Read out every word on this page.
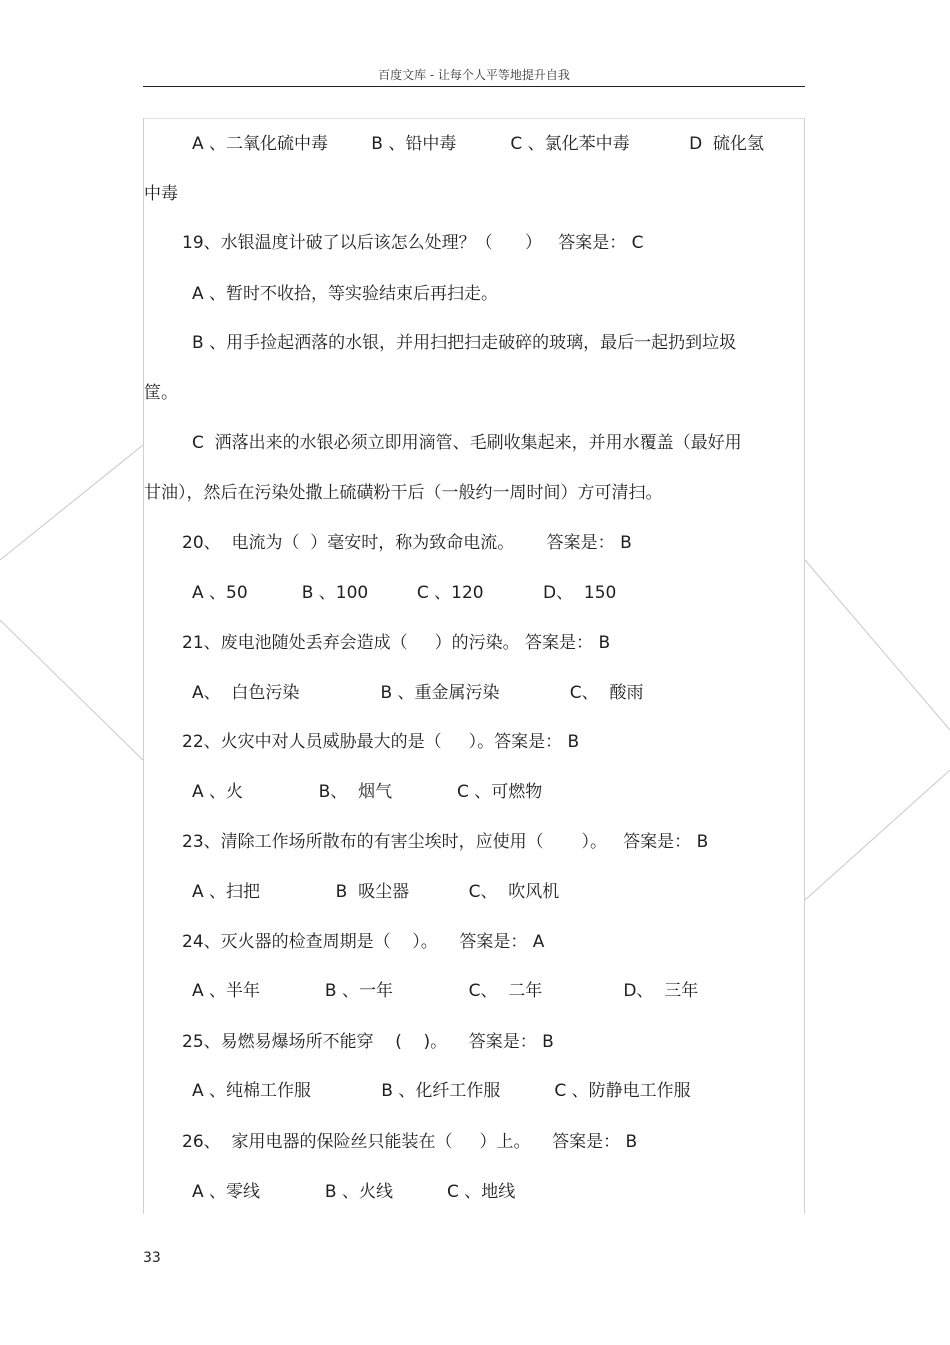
百度文库 - 让每个人平等地提升自我
A 、二氧化硫中毒        B 、铅中毒          C 、氯化苯中毒           D  硫化氢
中毒
19、水银温度计破了以后该怎么处理？（      ）   答案是： C
A 、暂时不收拾，等实验结束后再扫走。
B 、用手捡起洒落的水银，并用扫把扫走破碎的玻璃，最后一起扔到垃圾
筐。
C  洒落出来的水银必须立即用滴管、毛刷收集起来，并用水覆盖（最好用
甘油），然后在污染处撒上硫磺粉干后（一般约一周时间）方可清扫。
20、  电流为（  ）毫安时，称为致命电流。      答案是： B
A 、50          B 、100         C 、120           D、  150
21、废电池随处丢弃会造成（     ）的污染。 答案是： B
A、  白色污染               B 、重金属污染             C、  酸雨
22、火灾中对人员威胁最大的是（     ）。答案是： B
A 、火              B、  烟气            C 、可燃物
23、清除工作场所散布的有害尘埃时，应使用（       ）。   答案是： B
A 、扫把              B  吸尘器           C、  吹风机
24、灭火器的检查周期是（    ）。    答案是： A
A 、半年            B 、一年              C、  二年               D、  三年
25、易燃易爆场所不能穿    (    )。    答案是： B
A 、纯棉工作服             B 、化纤工作服          C 、防静电工作服
26、  家用电器的保险丝只能装在（     ）上。    答案是： B
A 、零线            B 、火线          C 、地线
33
